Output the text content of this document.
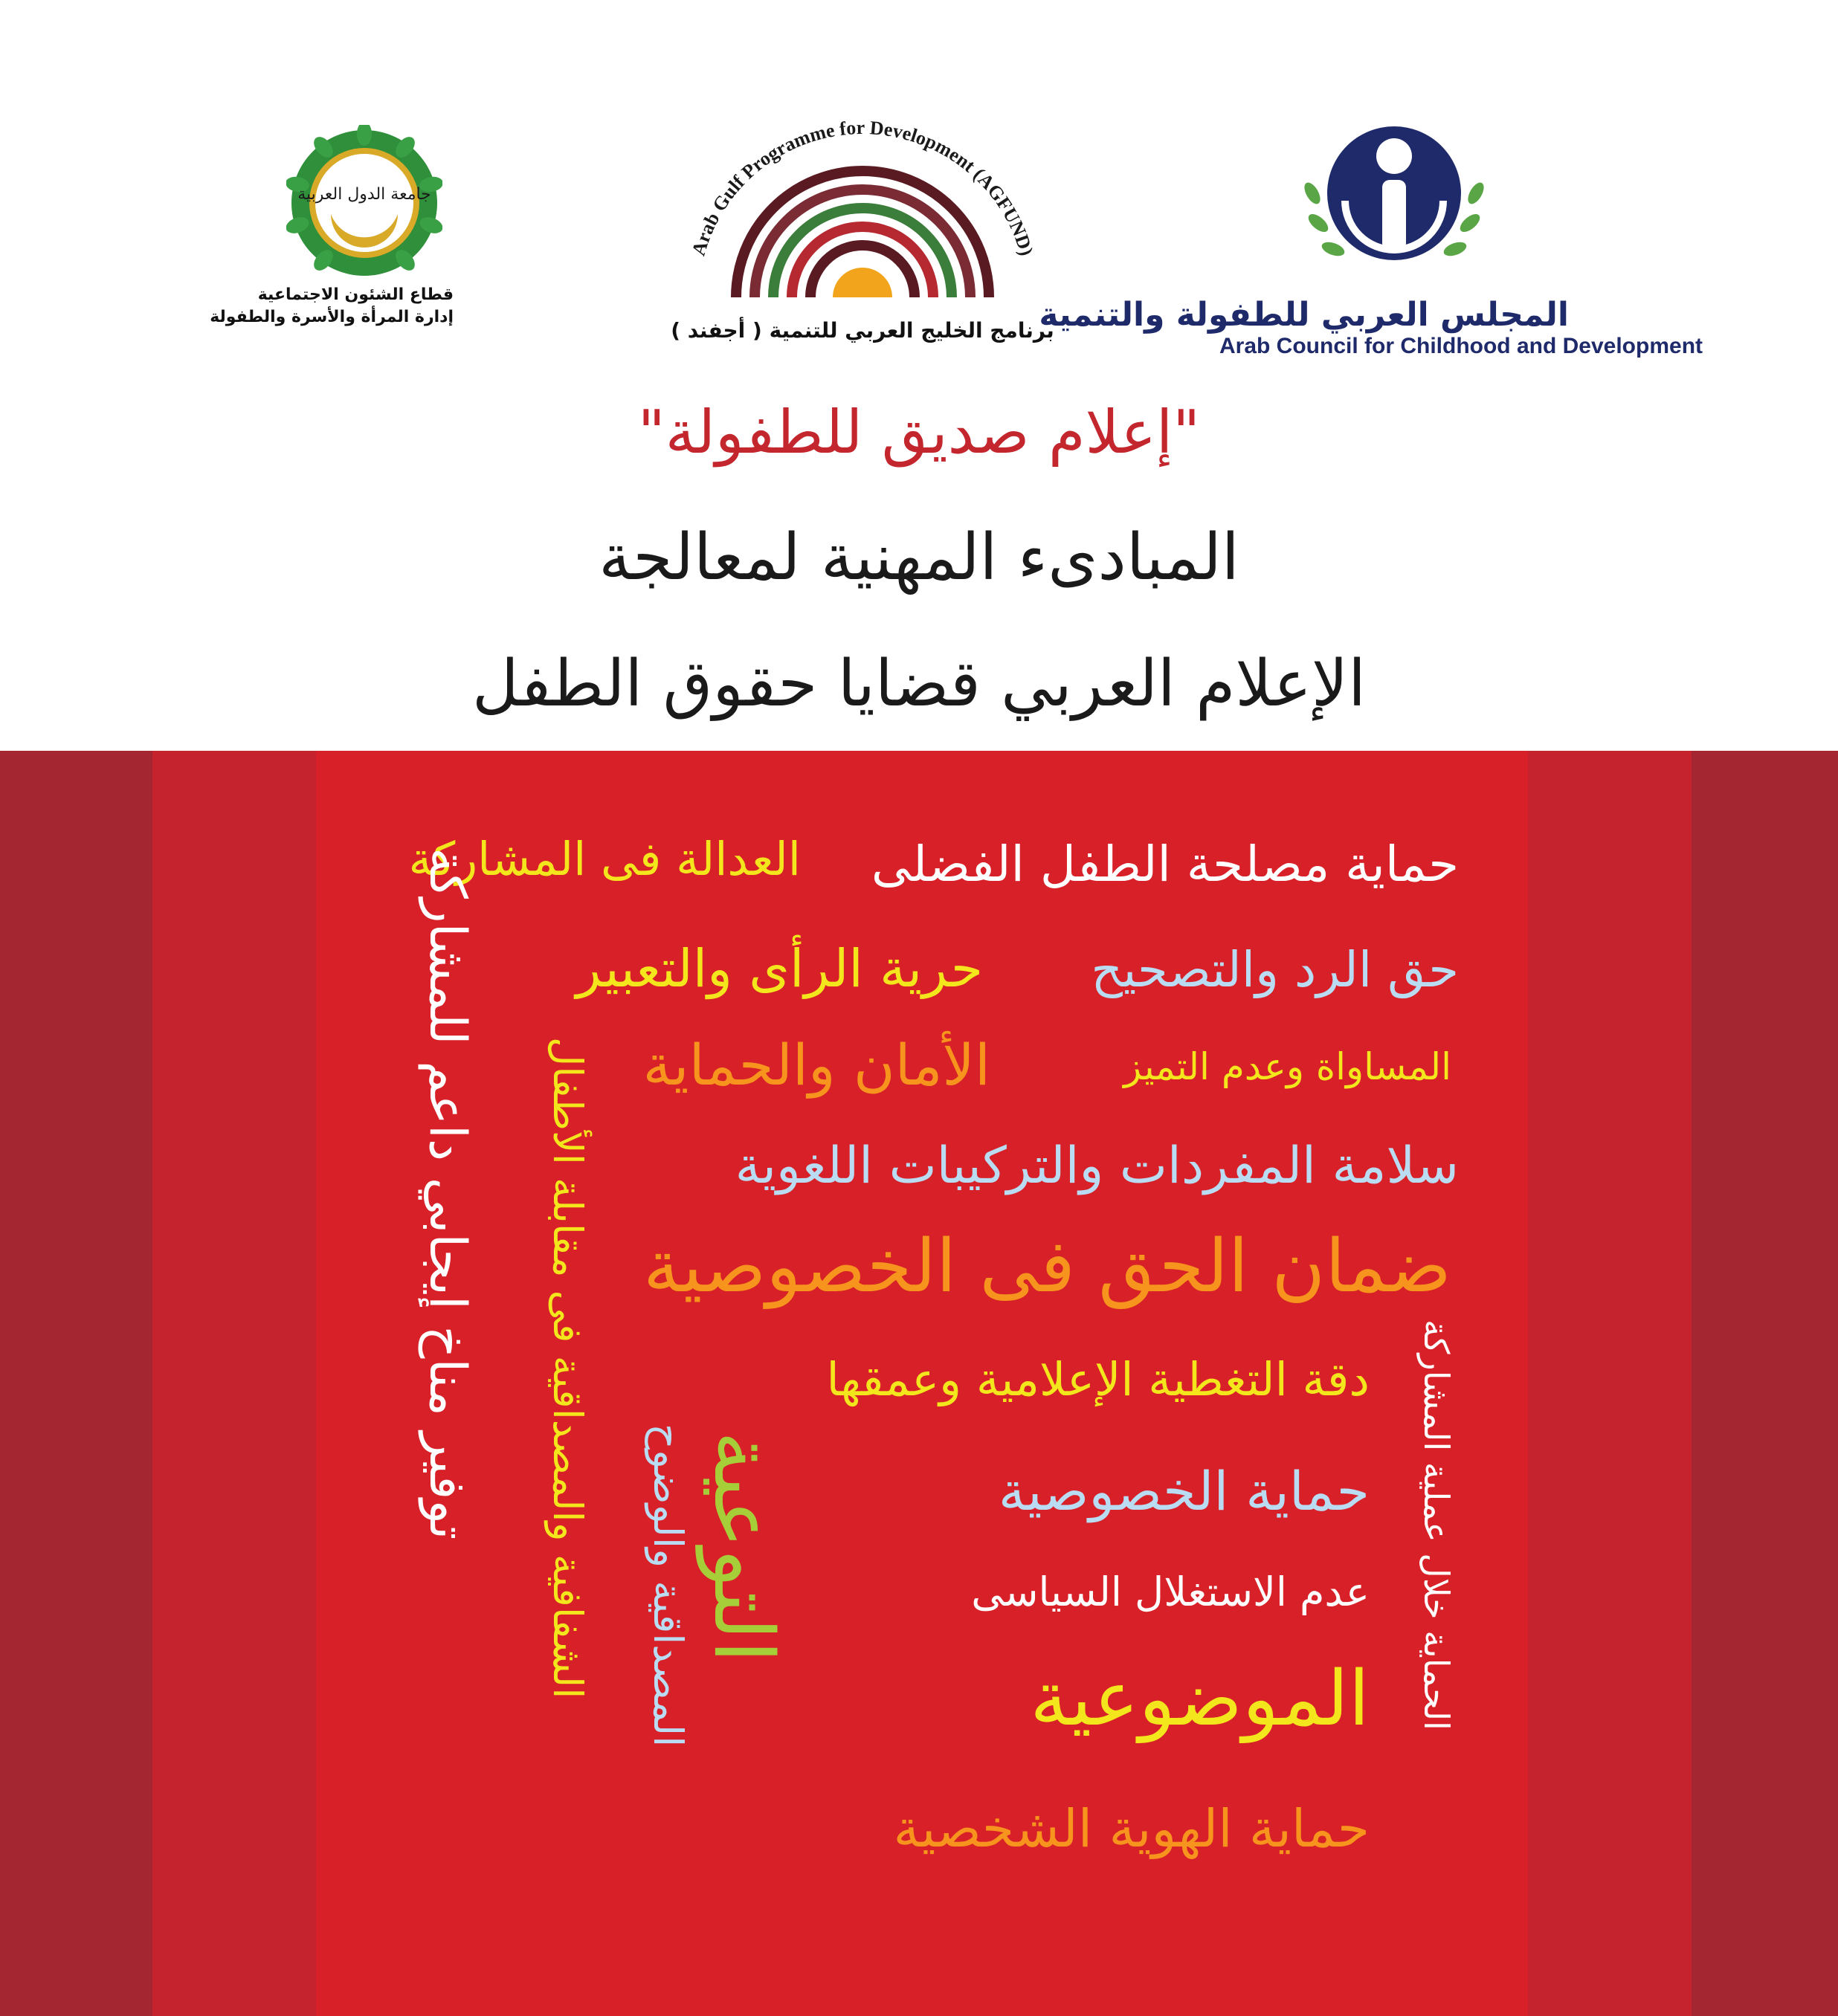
جامعة الدول العربية
قطاع الشئون الاجتماعية
إدارة المرأة والأسرة والطفولة
Arab Gulf Programme for Development (AGFUND)
برنامج الخليج العربي للتنمية ( أجفند )
المجلس العربي للطفولة والتنمية
Arab Council for Childhood and Development
"إعلام صديق للطفولة"
المبادىء المهنية لمعالجة
الإعلام العربي قضايا حقوق الطفل
حماية مصلحة الطفل الفضلى
العدالة فى المشاركة
حق الرد والتصحيح
حرية الرأى والتعبير
المساواة وعدم التميز
الأمان والحماية
سلامة المفردات والتركيبات اللغوية
ضمان الحق فى الخصوصية
دقة التغطية الإعلامية وعمقها
حماية الخصوصية
عدم الاستغلال السياسى
الموضوعية
حماية الهوية الشخصية
توفير مناخ إيجابي داعم للمشاركة الشفافية والمصداقية فى مقابلة الأطفال المصداقية والوضوح التوعية	الحماية خلال عملية المشاركة
